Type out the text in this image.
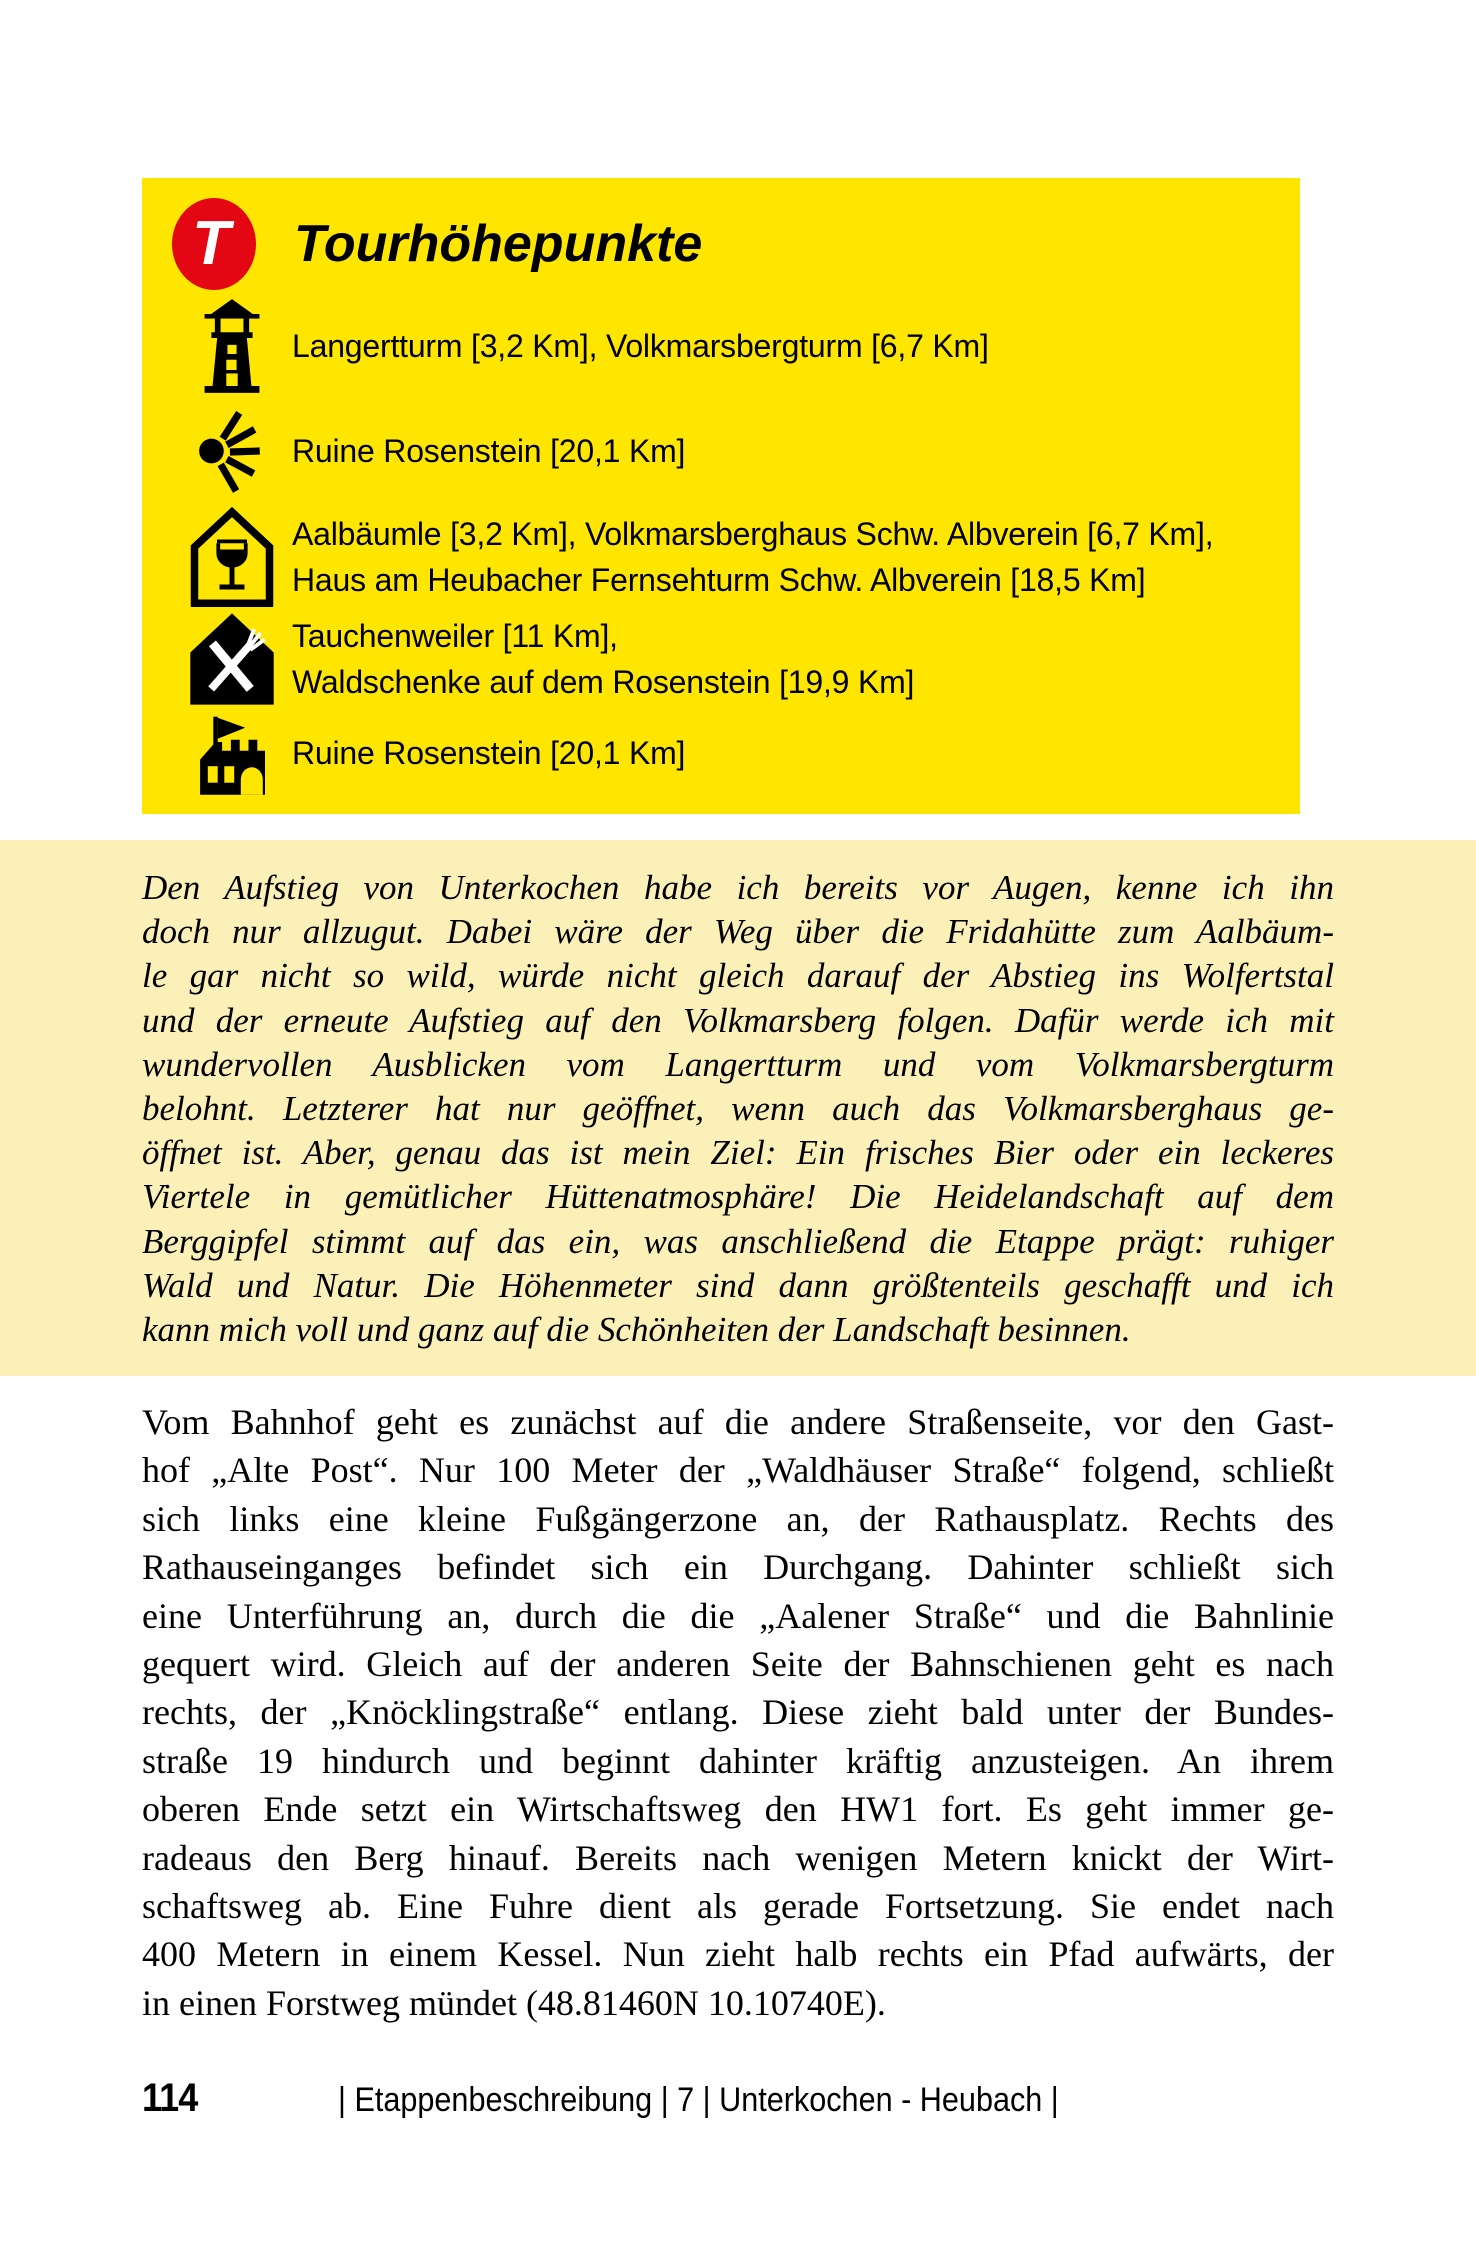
T Tourhöhepunkte
Langertturm [3,2 Km], Volkmarsbergturm [6,7 Km]
Ruine Rosenstein [20,1 Km]
Aalbäumle [3,2 Km], Volkmarsberghaus Schw. Albverein [6,7 Km],
Haus am Heubacher Fernsehturm Schw. Albverein [18,5 Km]
Tauchenweiler [11 Km],
Waldschenke auf dem Rosenstein [19,9 Km]
Ruine Rosenstein [20,1 Km]
Den Aufstieg von Unterkochen habe ich bereits vor Augen, kenne ich ihn
doch nur allzugut. Dabei wäre der Weg über die Fridahütte zum Aalbäum-
le gar nicht so wild, würde nicht gleich darauf der Abstieg ins Wolfertstal
und der erneute Aufstieg auf den Volkmarsberg folgen. Dafür werde ich mit
wundervollen Ausblicken vom Langertturm und vom Volkmarsbergturm
belohnt. Letzterer hat nur geöffnet, wenn auch das Volkmarsberghaus ge-
öffnet ist. Aber, genau das ist mein Ziel: Ein frisches Bier oder ein leckeres
Viertele in gemütlicher Hüttenatmosphäre! Die Heidelandschaft auf dem
Berggipfel stimmt auf das ein, was anschließend die Etappe prägt: ruhiger
Wald und Natur. Die Höhenmeter sind dann größtenteils geschafft und ich
kann mich voll und ganz auf die Schönheiten der Landschaft besinnen.
Vom Bahnhof geht es zunächst auf die andere Straßenseite, vor den Gast-
hof „Alte Post“. Nur 100 Meter der „Waldhäuser Straße“ folgend, schließt
sich links eine kleine Fußgängerzone an, der Rathausplatz. Rechts des
Rathauseinganges befindet sich ein Durchgang. Dahinter schließt sich
eine Unterführung an, durch die die „Aalener Straße“ und die Bahnlinie
gequert wird. Gleich auf der anderen Seite der Bahnschienen geht es nach
rechts, der „Knöcklingstraße“ entlang. Diese zieht bald unter der Bundes-
straße 19 hindurch und beginnt dahinter kräftig anzusteigen. An ihrem
oberen Ende setzt ein Wirtschaftsweg den HW1 fort. Es geht immer ge-
radeaus den Berg hinauf. Bereits nach wenigen Metern knickt der Wirt-
schaftsweg ab. Eine Fuhre dient als gerade Fortsetzung. Sie endet nach
400 Metern in einem Kessel. Nun zieht halb rechts ein Pfad aufwärts, der
in einen Forstweg mündet (48.81460N 10.10740E).
114	| Etappenbeschreibung | 7 | Unterkochen - Heubach |
